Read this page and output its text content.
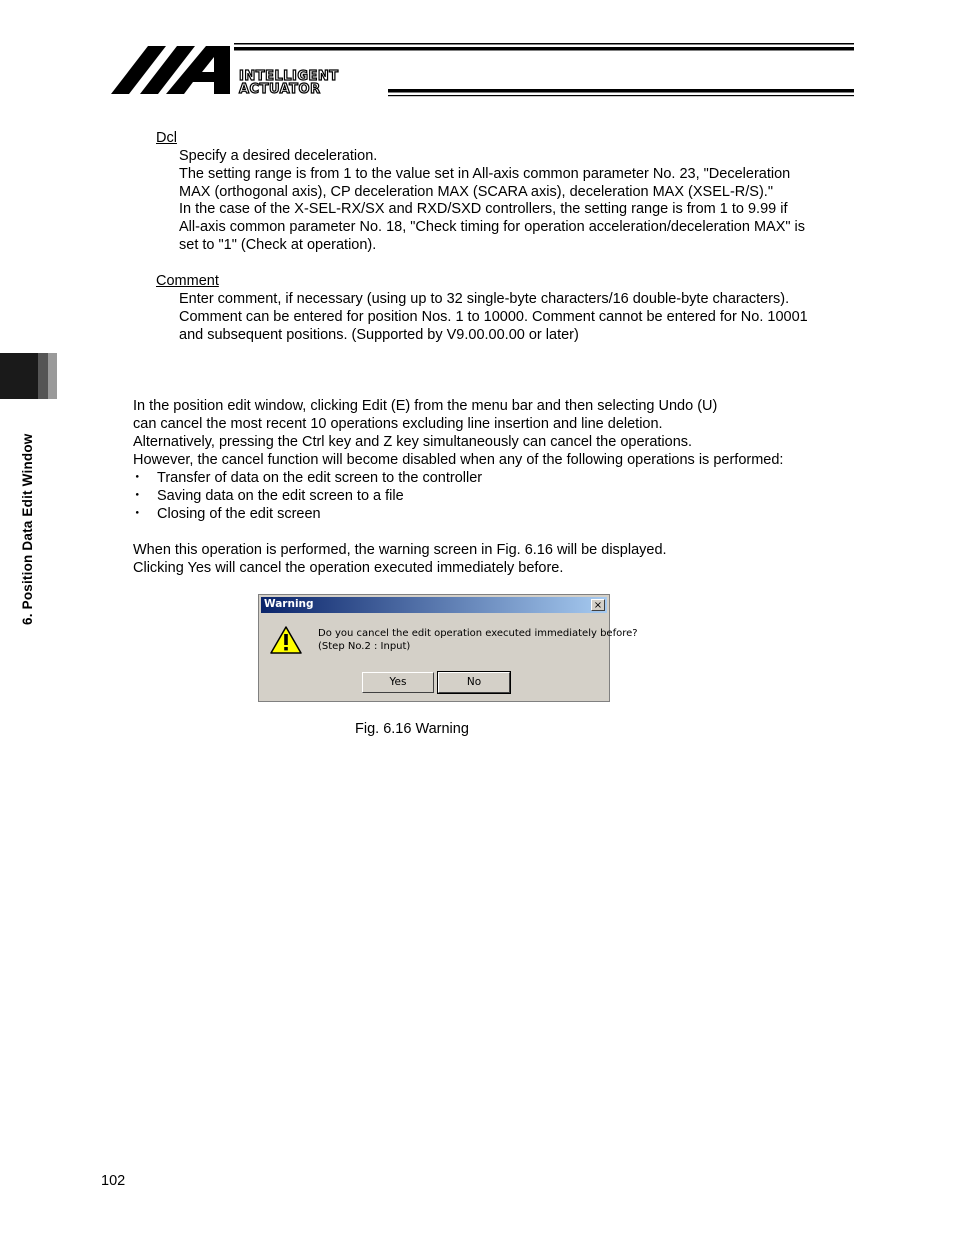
INTELLIGENT
ACTUATOR
6. Position Data Edit Window
Dcl
Specify a desired deceleration.
The setting range is from 1 to the value set in All-axis common parameter No. 23, "Deceleration
MAX (orthogonal axis), CP deceleration MAX (SCARA axis), deceleration MAX (XSEL-R/S)."
In the case of the X-SEL-RX/SX and RXD/SXD controllers, the setting range is from 1 to 9.99 if
All-axis common parameter No. 18, "Check timing for operation acceleration/deceleration MAX" is
set to "1" (Check at operation).
Comment
Enter comment, if necessary (using up to 32 single-byte characters/16 double-byte characters).
Comment can be entered for position Nos. 1 to 10000. Comment cannot be entered for No. 10001
and subsequent positions. (Supported by V9.00.00.00 or later)
In the position edit window, clicking Edit (E) from the menu bar and then selecting Undo (U)
can cancel the most recent 10 operations excluding line insertion and line deletion.
Alternatively, pressing the Ctrl key and Z key simultaneously can cancel the operations.
However, the cancel function will become disabled when any of the following operations is performed:
・ Transfer of data on the edit screen to the controller
・ Saving data on the edit screen to a file
・ Closing of the edit screen
When this operation is performed, the warning screen in Fig. 6.16 will be displayed.
Clicking Yes will cancel the operation executed immediately before.
Warning	×
Do you cancel the edit operation executed immediately before?
(Step No.2 : Input)
Yes	No
Fig. 6.16 Warning
102
